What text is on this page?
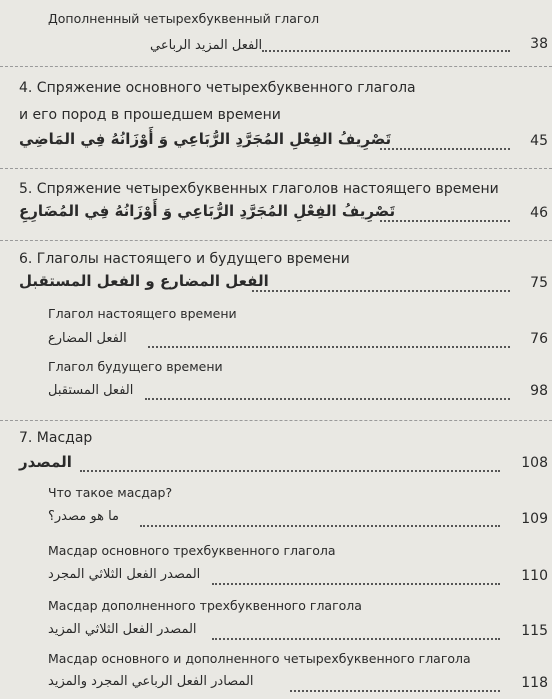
Дополненный четырехбуквенный глагол
الفعل المزيد الرباعي	38
4. Спряжение основного четырехбуквенного глагола
и его пород в прошедшем времени
تَصْرِيفُ الفِعْلِ المُجَرَّدِ الرُّبَاعِي وَ أَوْزَانُهُ فِي المَاضِي	45
5. Спряжение четырехбуквенных глаголов настоящего времени
تَصْرِيفُ الفِعْلِ المُجَرَّدِ الرُّبَاعِي وَ أَوْزَانُهُ فِي المُضَارِعِ	46
6. Глаголы настоящего и будущего времени
الفعل المضارع و الفعل المستقبل	75
Глагол настоящего времени
الفعل المضارع	76
Глагол будущего времени
الفعل المستقبل	98
7. Масдар
المصدر	108
Что такое масдар?
ما هو مصدر؟	109
Масдар основного трехбуквенного глагола
المصدر الفعل الثلاثي المجرد	110
Масдар дополненного трехбуквенного глагола
المصدر الفعل الثلاثي المزيد	115
Масдар основного и дополненного четырехбуквенного глагола
المصادر الفعل الرباعي المجرد والمزيد	118
